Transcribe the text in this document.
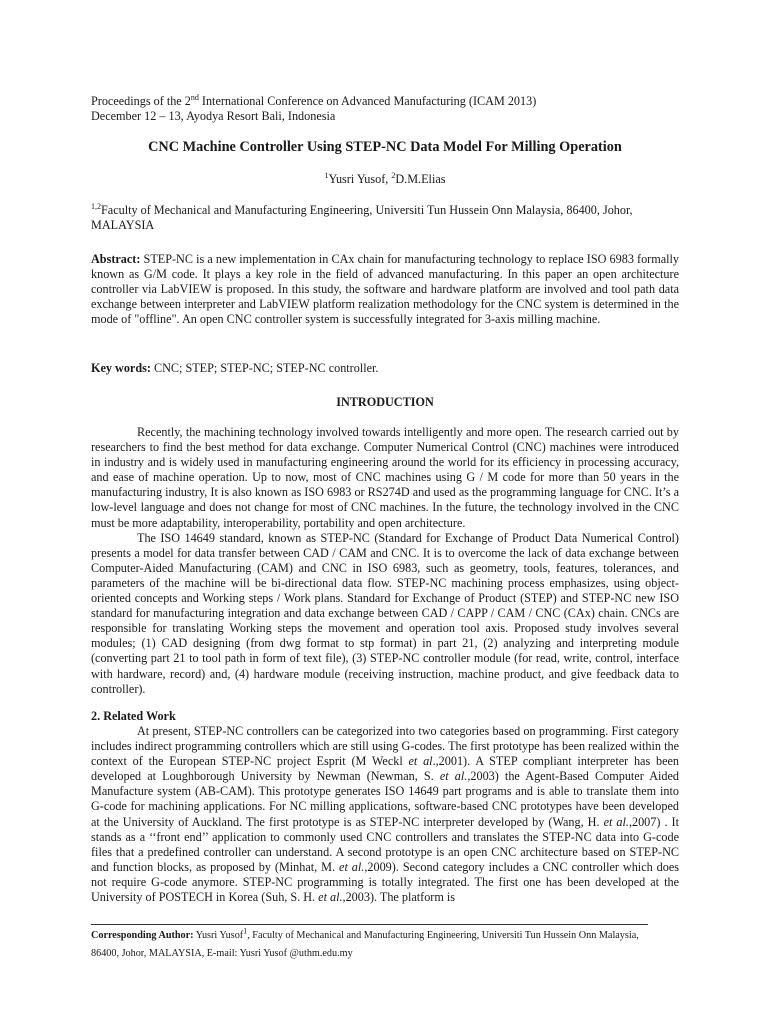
Proceedings of the 2nd International Conference on Advanced Manufacturing (ICAM 2013)

December 12 – 13, Ayodya Resort Bali, Indonesia

CNC Machine Controller Using STEP-NC Data Model For Milling Operation
$^1$Yusri Yusof, $^2$D.M.Elias

$^{1,2}$Faculty of Mechanical and Manufacturing Engineering, Universiti Tun Hussein Onn Malaysia, 86400, Johor,

MALAYSIA

Abstract: STEP-NC is a new implementation in CAx chain for manufacturing technology to replace ISO 6983 formally known as G/M code. It plays a key role in the field of advanced manufacturing. In this paper an open architecture controller via LabVIEW is proposed. In this study, the software and hardware platform are involved and tool path data exchange between interpreter and LabVIEW platform realization methodology for the CNC system is determined in the mode of "offline". An open CNC controller system is successfully integrated for 3-axis milling machine.
Key words: CNC; STEP; STEP-NC; STEP-NC controller.
INTRODUCTION

Recently, the machining technology involved towards intelligently and more open. The research carried out by researchers to find the best method for data exchange. Computer Numerical Control (CNC) machines were introduced in industry and is widely used in manufacturing engineering around the world for its efficiency in processing accuracy, and ease of machine operation. Up to now, most of CNC machines using G / M code for more than 50 years in the manufacturing industry, It is also known as ISO 6983 or RS274D and used as the programming language for CNC. It’s a low-level language and does not change for most of CNC machines. In the future, the technology involved in the CNC must be more adaptability, interoperability, portability and open architecture.

The ISO 14649 standard, known as STEP-NC (Standard for Exchange of Product Data Numerical Control) presents a model for data transfer between CAD / CAM and CNC. It is to overcome the lack of data exchange between Computer-Aided Manufacturing (CAM) and CNC in ISO 6983, such as geometry, tools, features, tolerances, and parameters of the machine will be bi-directional data flow. STEP-NC machining process emphasizes, using object-oriented concepts and Working steps / Work plans. Standard for Exchange of Product (STEP) and STEP-NC new ISO standard for manufacturing integration and data exchange between CAD / CAPP / CAM / CNC (CAx) chain. CNCs are responsible for translating Working steps the movement and operation tool axis. Proposed study involves several modules; (1) CAD designing (from dwg format to stp format) in part 21, (2) analyzing and interpreting module (converting part 21 to tool path in form of text file), (3) STEP-NC controller module (for read, write, control, interface with hardware, record) and, (4) hardware module (receiving instruction, machine product, and give feedback data to controller).

2. Related Work

At present, STEP-NC controllers can be categorized into two categories based on programming. First category includes indirect programming controllers which are still using G-codes. The first prototype has been realized within the context of the European STEP-NC project Esprit (M Weckl et al.,2001). A STEP compliant interpreter has been developed at Loughborough University by Newman (Newman, S. et al.,2003) the Agent-Based Computer Aided Manufacture system (AB-CAM). This prototype generates ISO 14649 part programs and is able to translate them into G-code for machining applications. For NC milling applications, software-based CNC prototypes have been developed at the University of Auckland. The first prototype is as STEP-NC interpreter developed by (Wang, H. et al.,2007) . It stands as a ‘‘front end’’ application to commonly used CNC controllers and translates the STEP-NC data into G-code files that a predefined controller can understand. A second prototype is an open CNC architecture based on STEP-NC and function blocks, as proposed by (Minhat, M. et al.,2009). Second category includes a CNC controller which does not require G-code anymore. STEP-NC programming is totally integrated. The first one has been developed at the University of POSTECH in Korea (Suh, S. H. et al.,2003). The platform is

Corresponding Author: Yusri Yusof$^1$, Faculty of Mechanical and Manufacturing Engineering, Universiti Tun Hussein Onn Malaysia,

86400, Johor, MALAYSIA, E-mail: Yusri Yusof @uthm.edu.my
